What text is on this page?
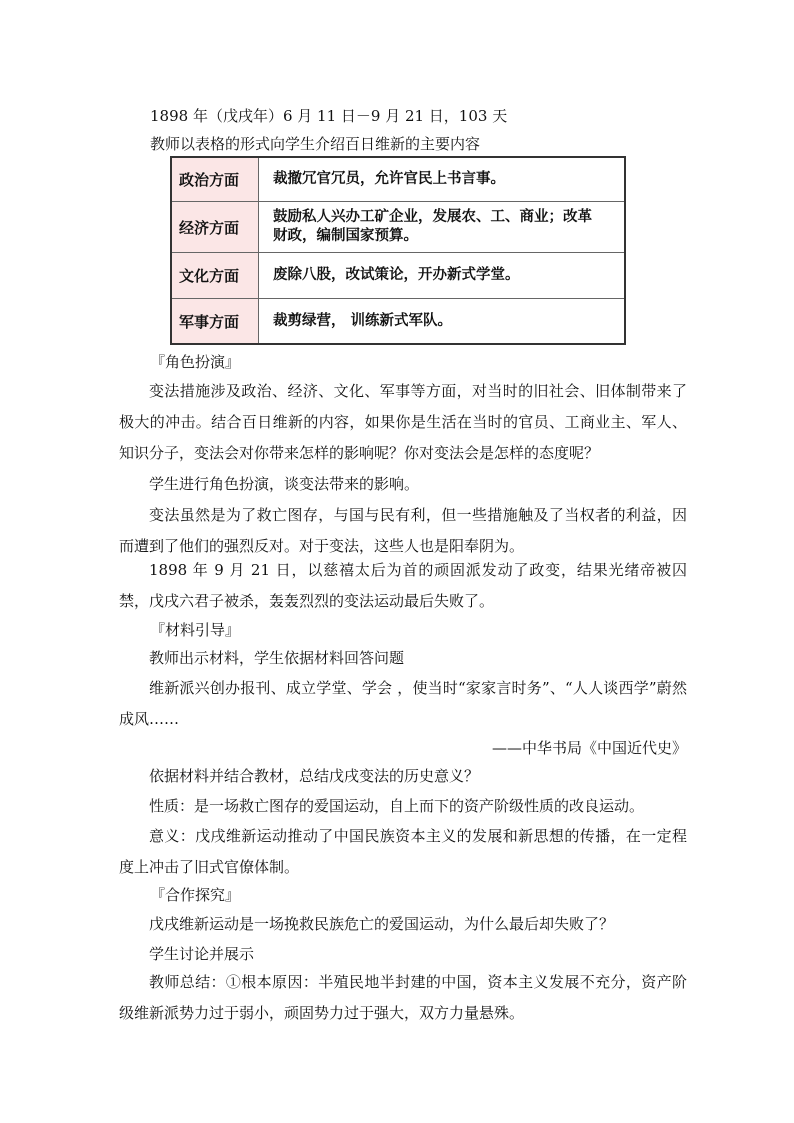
1898 年（戊戌年）6 月 11 日－9 月 21 日，103 天
教师以表格的形式向学生介绍百日维新的主要内容
政治方面	裁撤冗官冗员，允许官民上书言事。
经济方面	鼓励私人兴办工矿企业，发展农、工、商业；改革财政，编制国家预算。
文化方面	废除八股，改试策论，开办新式学堂。
军事方面	裁剪绿营， 训练新式军队。
『角色扮演』
变法措施涉及政治、经济、文化、军事等方面，对当时的旧社会、旧体制带来了极大的冲击。结合百日维新的内容，如果你是生活在当时的官员、工商业主、军人、知识分子，变法会对你带来怎样的影响呢？你对变法会是怎样的态度呢？
学生进行角色扮演，谈变法带来的影响。
变法虽然是为了救亡图存，与国与民有利，但一些措施触及了当权者的利益，因而遭到了他们的强烈反对。对于变法，这些人也是阳奉阴为。
1898 年 9 月 21 日，以慈禧太后为首的顽固派发动了政变，结果光绪帝被囚禁，戊戌六君子被杀，轰轰烈烈的变法运动最后失败了。
『材料引导』
教师出示材料，学生依据材料回答问题
维新派兴创办报刊、成立学堂、学会 ，使当时“家家言时务”、“人人谈西学”蔚然成风……
——中华书局《中国近代史》
依据材料并结合教材，总结戊戌变法的历史意义？
性质：是一场救亡图存的爱国运动，自上而下的资产阶级性质的改良运动。
意义：戊戌维新运动推动了中国民族资本主义的发展和新思想的传播，在一定程度上冲击了旧式官僚体制。
『合作探究』
戊戌维新运动是一场挽救民族危亡的爱国运动，为什么最后却失败了？
学生讨论并展示
教师总结：①根本原因：半殖民地半封建的中国，资本主义发展不充分，资产阶级维新派势力过于弱小，顽固势力过于强大，双方力量悬殊。
